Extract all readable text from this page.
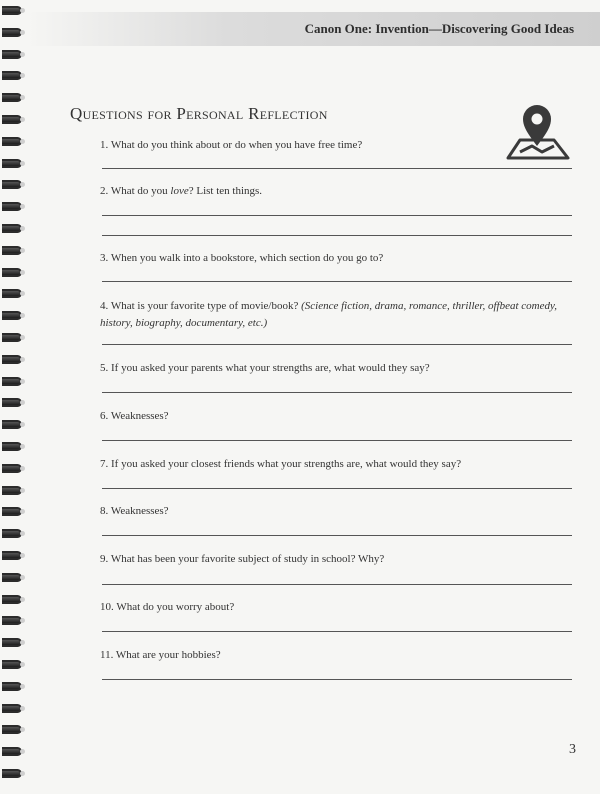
Canon One: Invention—Discovering Good Ideas
Questions for Personal Reflection
1. What do you think about or do when you have free time?
2. What do you love? List ten things.
3. When you walk into a bookstore, which section do you go to?
4. What is your favorite type of movie/book? (Science fiction, drama, romance, thriller, offbeat comedy, history, biography, documentary, etc.)
5. If you asked your parents what your strengths are, what would they say?
6. Weaknesses?
7. If you asked your closest friends what your strengths are, what would they say?
8. Weaknesses?
9. What has been your favorite subject of study in school? Why?
10. What do you worry about?
11. What are your hobbies?
3
